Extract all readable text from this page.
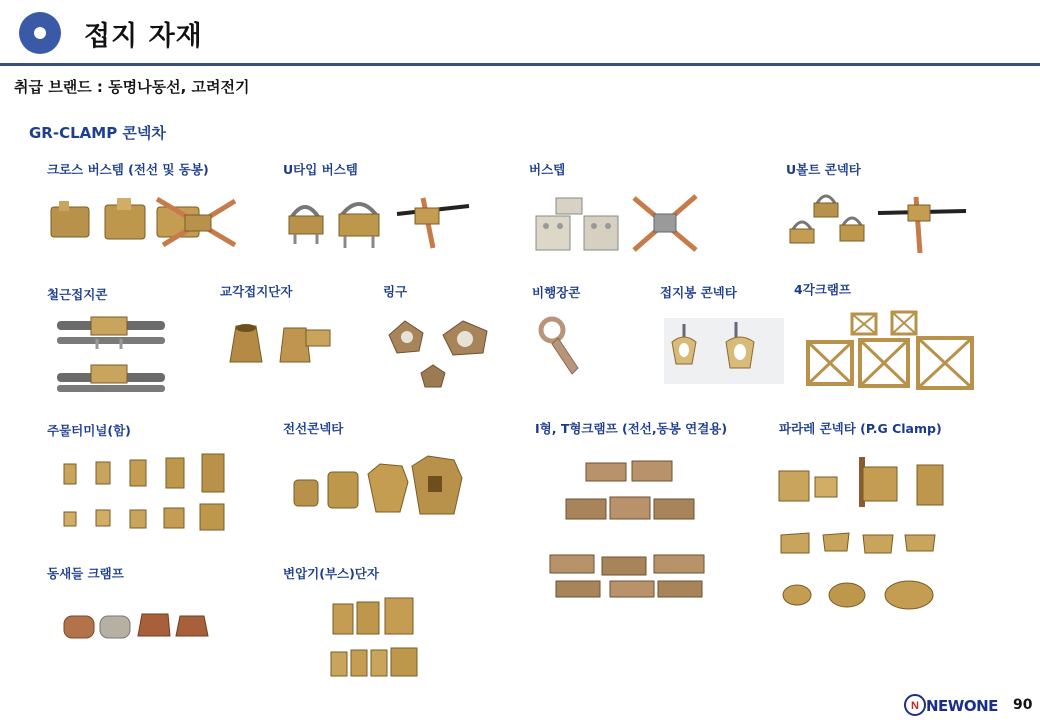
접지 자재
취급 브랜드 : 동명나동선, 고려전기
GR-CLAMP 콘넥차
크로스 버스템 (전선 및 동봉)	U타입 버스템	버스텝	U볼트 콘넥타
철근접지콘	교각접지단자	링구	비행장콘	접지봉 콘넥타	4각크램프
주물터미널(함)	전선콘넥타	I형, T형크램프 (전선,동봉 연결용)	파라레 콘넥타 (P.G Clamp)
동새들 크램프	변압기(부스)단자
N NEWONE 90
